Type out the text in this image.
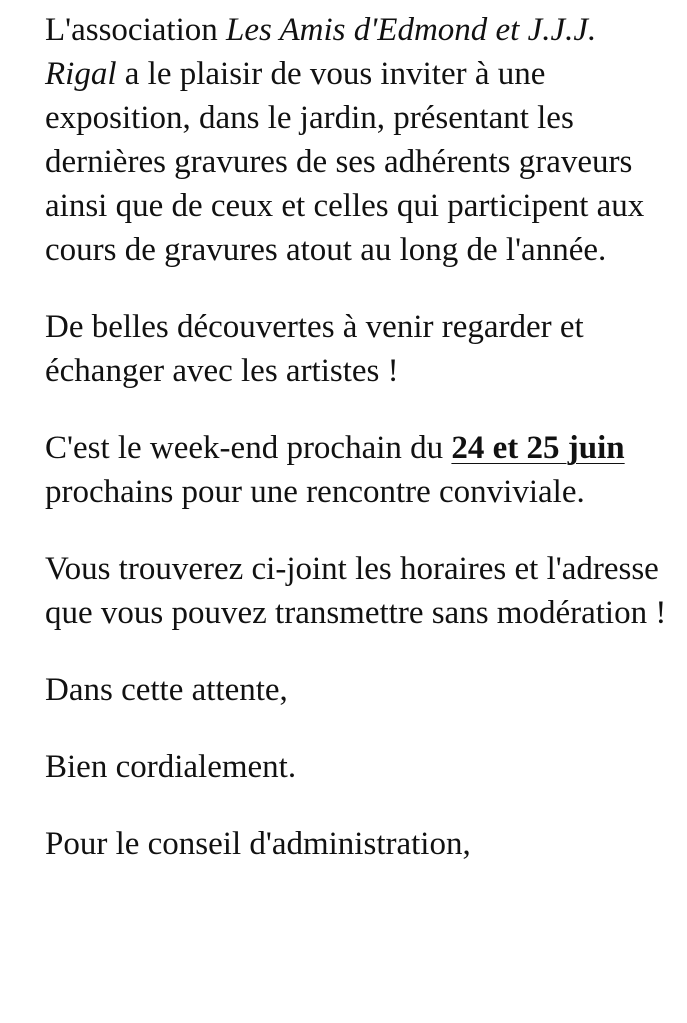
L'association Les Amis d'Edmond et J.J.J. Rigal a le plaisir de vous inviter à une exposition, dans le jardin, présentant les dernières gravures de ses adhérents graveurs ainsi que de ceux et celles qui participent aux cours de gravures atout au long de l'année.

De belles découvertes à venir regarder et échanger avec les artistes !

C'est le week-end prochain du 24 et 25 juin prochains pour une rencontre conviviale.

Vous trouverez ci-joint les horaires et l'adresse que vous pouvez transmettre sans modération !

Dans cette attente,

Bien cordialement.

Pour le conseil d'administration,
